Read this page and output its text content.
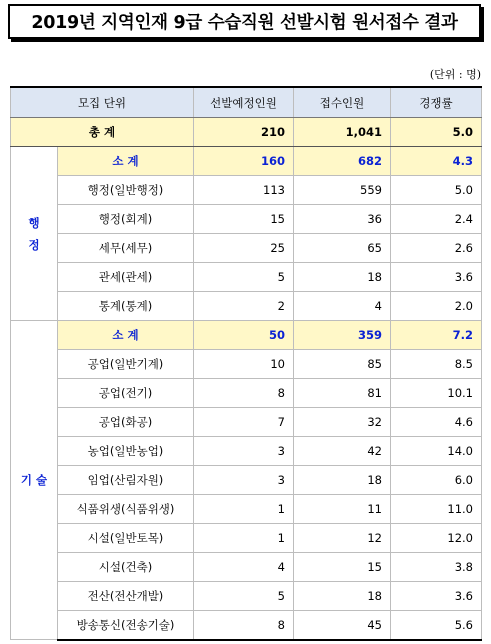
2019년 지역인재 9급 수습직원 선발시험 원서접수 결과
(단위 : 명)
모집 단위		선발예정인원	접수인원	경쟁률
총 계		210	1,041	5.0
행
정	소 계	160	682	4.3
	행정(일반행정)	113	559	5.0
	행정(회계)	15	36	2.4
	세무(세무)	25	65	2.6
	관세(관세)	5	18	3.6
	통계(통계)	2	4	2.0
기 술	소 계	50	359	7.2
	공업(일반기계)	10	85	8.5
	공업(전기)	8	81	10.1
	공업(화공)	7	32	4.6
	농업(일반농업)	3	42	14.0
	임업(산림자원)	3	18	6.0
	식품위생(식품위생)	1	11	11.0
	시설(일반토목)	1	12	12.0
	시설(건축)	4	15	3.8
	전산(전산개발)	5	18	3.6
	방송통신(전송기술)	8	45	5.6
